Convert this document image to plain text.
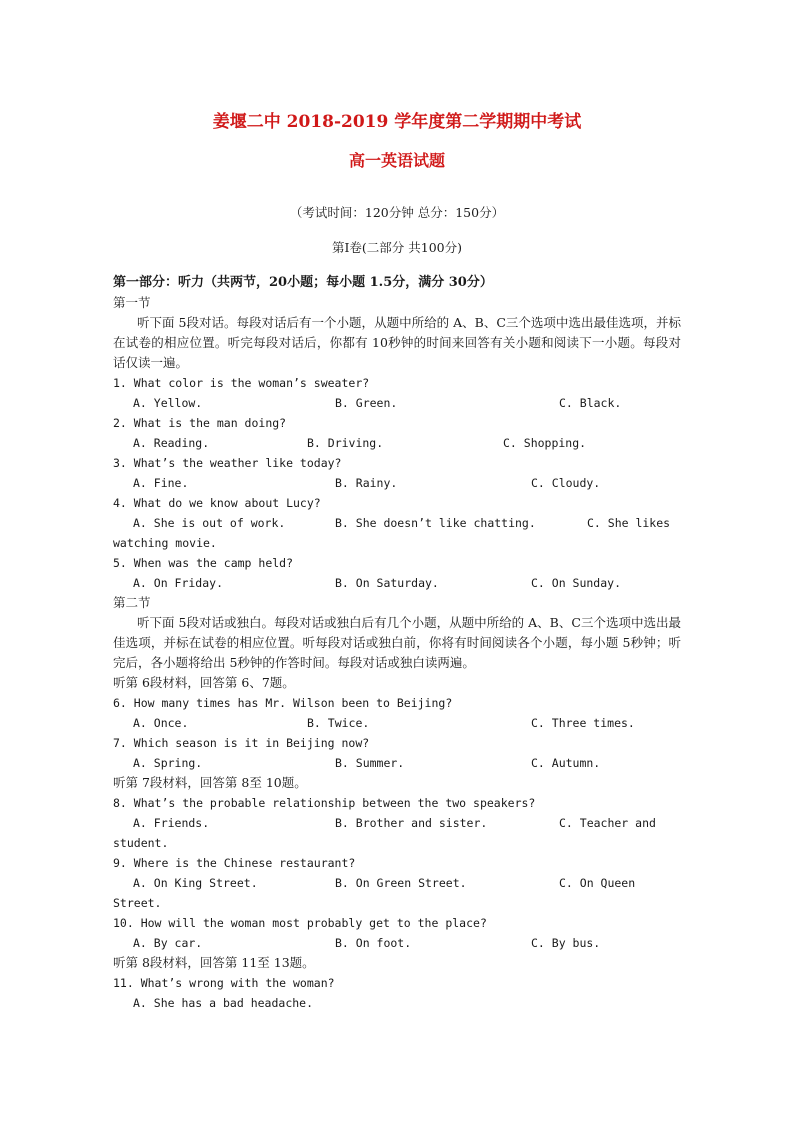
姜堰二中 2018-2019 学年度第二学期期中考试
高一英语试题
（考试时间：120分钟 总分：150分）
第Ⅰ卷(二部分 共100分)
第一部分：听力（共两节，20小题；每小题 1.5分，满分 30分）
第一节

听下面 5段对话。每段对话后有一个小题，从题中所给的 A、B、C三个选项中选出最佳选项，并标在试卷的相应位置。听完每段对话后，你都有 10秒钟的时间来回答有关小题和阅读下一小题。每段对话仅读一遍。

1. What color is the woman’s sweater?
A. Yellow.	B. Green.	C. Black.
2. What is the man doing?
A. Reading.	B. Driving.	C. Shopping.
3. What’s the weather like today?
A. Fine.	B. Rainy.	C. Cloudy.
4. What do we know about Lucy?
A. She is out of work.	B. She doesn’t like chatting.	C. She likes
watching movie.
5. When was the camp held?
A. On Friday.	B. On Saturday.	C. On Sunday.
第二节

听下面 5段对话或独白。每段对话或独白后有几个小题，从题中所给的 A、B、C三个选项中选出最佳选项，并标在试卷的相应位置。听每段对话或独白前，你将有时间阅读各个小题，每小题 5秒钟；听完后，各小题将给出 5秒钟的作答时间。每段对话或独白读两遍。

听第 6段材料，回答第 6、7题。
6. How many times has Mr. Wilson been to Beijing?
A. Once.	B. Twice.	C. Three times.
7. Which season is it in Beijing now?
A. Spring.	B. Summer.	C. Autumn.
听第 7段材料，回答第 8至 10题。
8. What’s the probable relationship between the two speakers?
A. Friends.	B. Brother and sister.	C. Teacher and
student.
9. Where is the Chinese restaurant?
A. On King Street.	B. On Green Street.	C. On Queen
Street.
10. How will the woman most probably get to the place?
A. By car.	B. On foot.	C. By bus.
听第 8段材料，回答第 11至 13题。
11. What’s wrong with the woman?
A. She has a bad headache.
